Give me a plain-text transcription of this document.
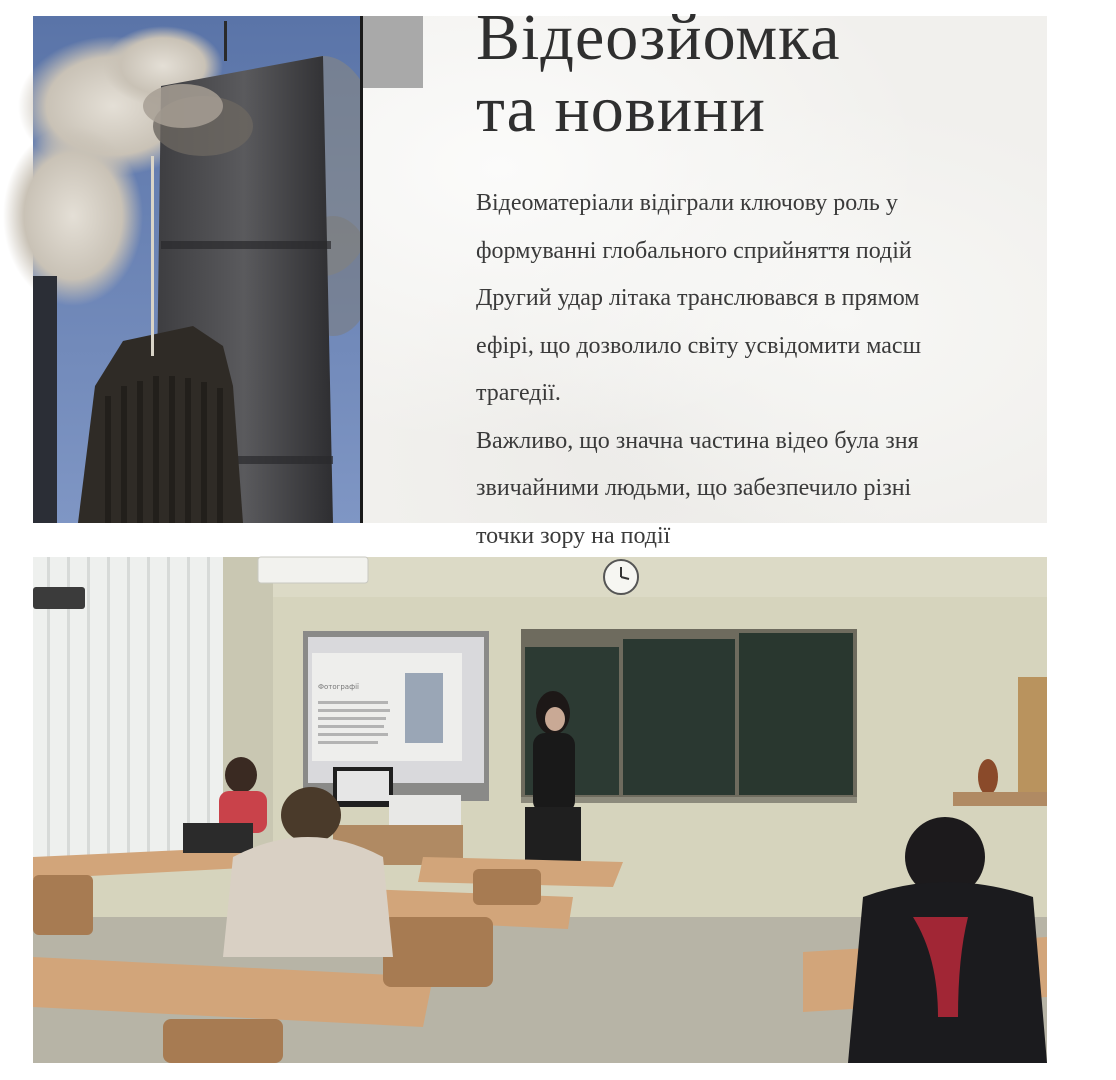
Відеозйомка
та новини

Відеоматеріали відіграли ключову роль у

формуванні глобального сприйняття подій

Другий удар літака транслювався в прямом

ефірі, що дозволило світу усвідомити масш

трагедії.

Важливо, що значна частина відео була зня

звичайними людьми, що забезпечило різні

точки зору на події

Фотографії
